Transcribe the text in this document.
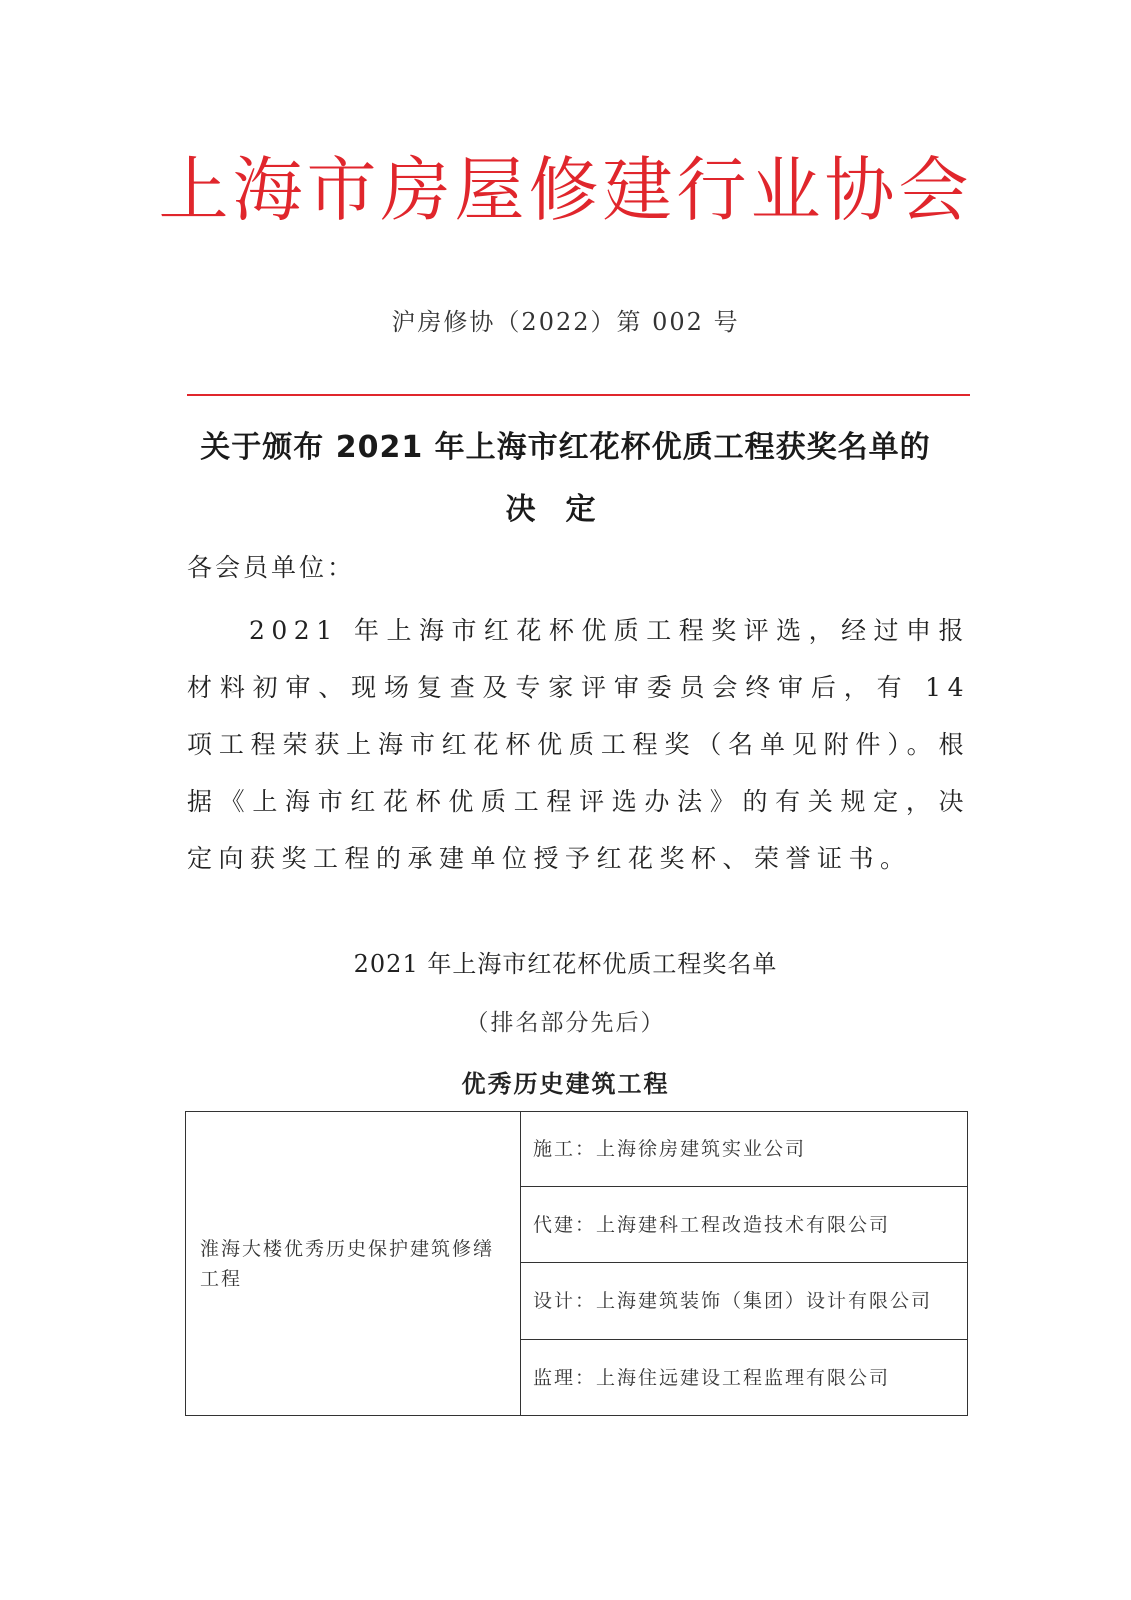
上海市房屋修建行业协会
沪房修协（2022）第 002 号
关于颁布 2021 年上海市红花杯优质工程获奖名单的
决定
各会员单位：

2021 年上海市红花杯优质工程奖评选，经过申报材料初审、现场复查及专家评审委员会终审后，有 14 项工程荣获上海市红花杯优质工程奖（名单见附件）。根据《上海市红花杯优质工程评选办法》的有关规定，决定向获奖工程的承建单位授予红花奖杯、荣誉证书。

2021 年上海市红花杯优质工程奖名单
（排名部分先后）
优秀历史建筑工程
淮海大楼优秀历史保护建筑修缮工程	施工：上海徐房建筑实业公司
代建：上海建科工程改造技术有限公司
设计：上海建筑装饰（集团）设计有限公司
监理：上海住远建设工程监理有限公司
